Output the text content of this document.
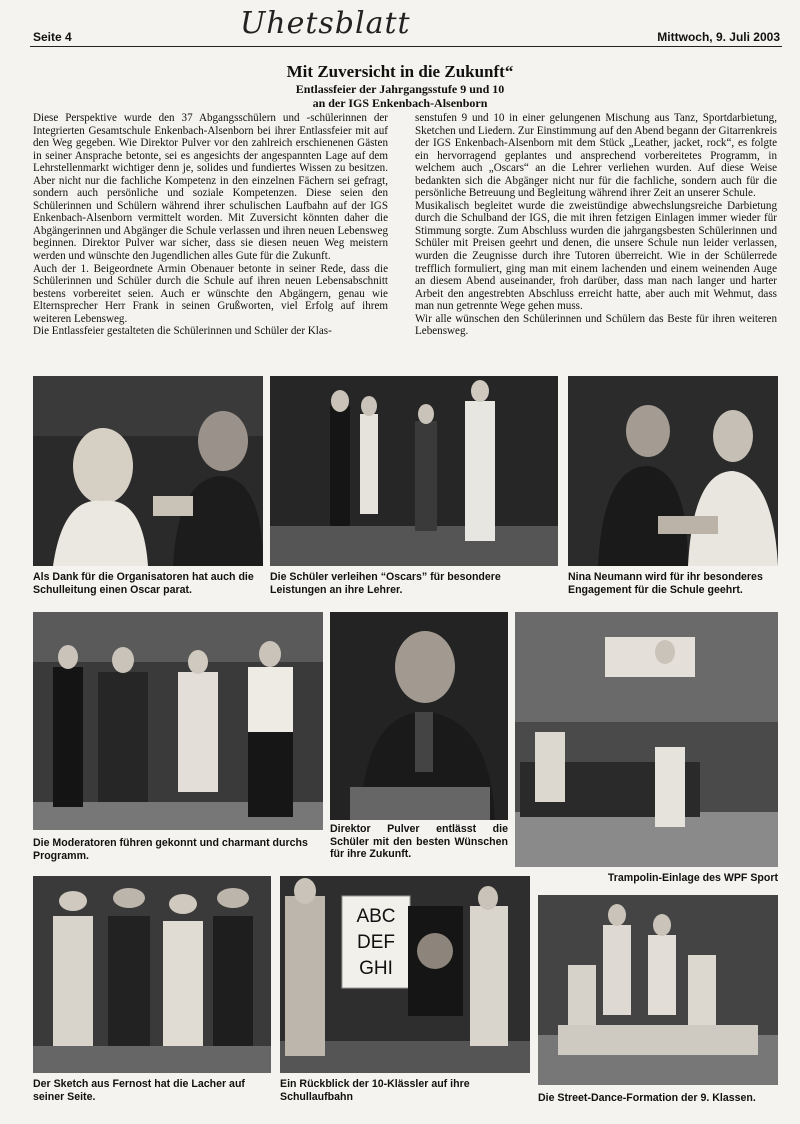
Seite 4	Uhetsblatt	Mittwoch, 9. Juli 2003
Mit Zuversicht in die Zukunft“
Entlassfeier der Jahrgangsstufe 9 und 10
an der IGS Enkenbach-Alsenborn

Diese Perspektive wurde den 37 Abgangsschülern und -schülerinnen der Integrierten Gesamtschule Enkenbach-Alsenborn bei ihrer Entlassfeier mit auf den Weg gegeben. Wie Direktor Pulver vor den zahlreich erschienenen Gästen in seiner Ansprache betonte, sei es angesichts der angespannten Lage auf dem Lehrstellenmarkt wichtiger denn je, solides und fundiertes Wissen zu besitzen. Aber nicht nur die fachliche Kompetenz in den einzelnen Fächern sei gefragt, sondern auch persönliche und soziale Kompetenzen. Diese seien den Schülerinnen und Schülern während ihrer schulischen Laufbahn auf der IGS Enkenbach-Alsenborn vermittelt worden. Mit Zuversicht könnten daher die Abgängerinnen und Abgänger die Schule verlassen und ihren neuen Lebensweg beginnen. Direktor Pulver war sicher, dass sie diesen neuen Weg meistern werden und wünschte den Jugendlichen alles Gute für die Zukunft.

Auch der 1. Beigeordnete Armin Obenauer betonte in seiner Rede, dass die Schülerinnen und Schüler durch die Schule auf ihren neuen Lebensabschnitt bestens vorbereitet seien. Auch er wünschte den Abgängern, genau wie Elternsprecher Herr Frank in seinen Grußworten, viel Erfolg auf ihrem weiteren Lebensweg.

Die Entlassfeier gestalteten die Schülerinnen und Schüler der Klas-

senstufen 9 und 10 in einer gelungenen Mischung aus Tanz, Sportdarbietung, Sketchen und Liedern. Zur Einstimmung auf den Abend begann der Gitarrenkreis der IGS Enkenbach-Alsenborn mit dem Stück „Leather, jacket, rock“, es folgte ein hervorragend geplantes und ansprechend vorbereitetes Programm, in welchem auch „Oscars“ an die Lehrer verliehen wurden. Auf diese Weise bedankten sich die Abgänger nicht nur für die fachliche, sondern auch für die persönliche Betreuung und Begleitung während ihrer Zeit an unserer Schule.

Musikalisch begleitet wurde die zweistündige abwechslungsreiche Darbietung durch die Schulband der IGS, die mit ihren fetzigen Einlagen immer wieder für Stimmung sorgte. Zum Abschluss wurden die jahrgangsbesten Schülerinnen und Schüler mit Preisen geehrt und denen, die unsere Schule nun leider verlassen, wurden die Zeugnisse durch ihre Tutoren überreicht. Wie in der Schülerrede trefflich formuliert, ging man mit einem lachenden und einem weinenden Auge an diesem Abend auseinander, froh darüber, dass man nach langer und harter Arbeit den angestrebten Abschluss erreicht hatte, aber auch mit Wehmut, dass man nun getrennte Wege gehen muss.

Wir alle wünschen den Schülerinnen und Schülern das Beste für ihren weiteren Lebensweg.

Als Dank für die Organisatoren hat auch die Schulleitung einen Oscar parat.
Die Schüler verleihen “Oscars” für besondere Leistungen an ihre Lehrer.
Nina Neumann wird für ihr besonderes Engagement für die Schule geehrt.
Die Moderatoren führen gekonnt und charmant durchs Programm.
Direktor Pulver entlässt die Schüler mit den besten Wünschen für ihre Zukunft.
Trampolin-Einlage des WPF Sport
Der Sketch aus Fernost hat die Lacher auf seiner Seite.
ABC
DEF
GHI
Ein Rückblick der 10-Klässler auf ihre Schullaufbahn	Die Street-Dance-Formation der 9. Klassen.
